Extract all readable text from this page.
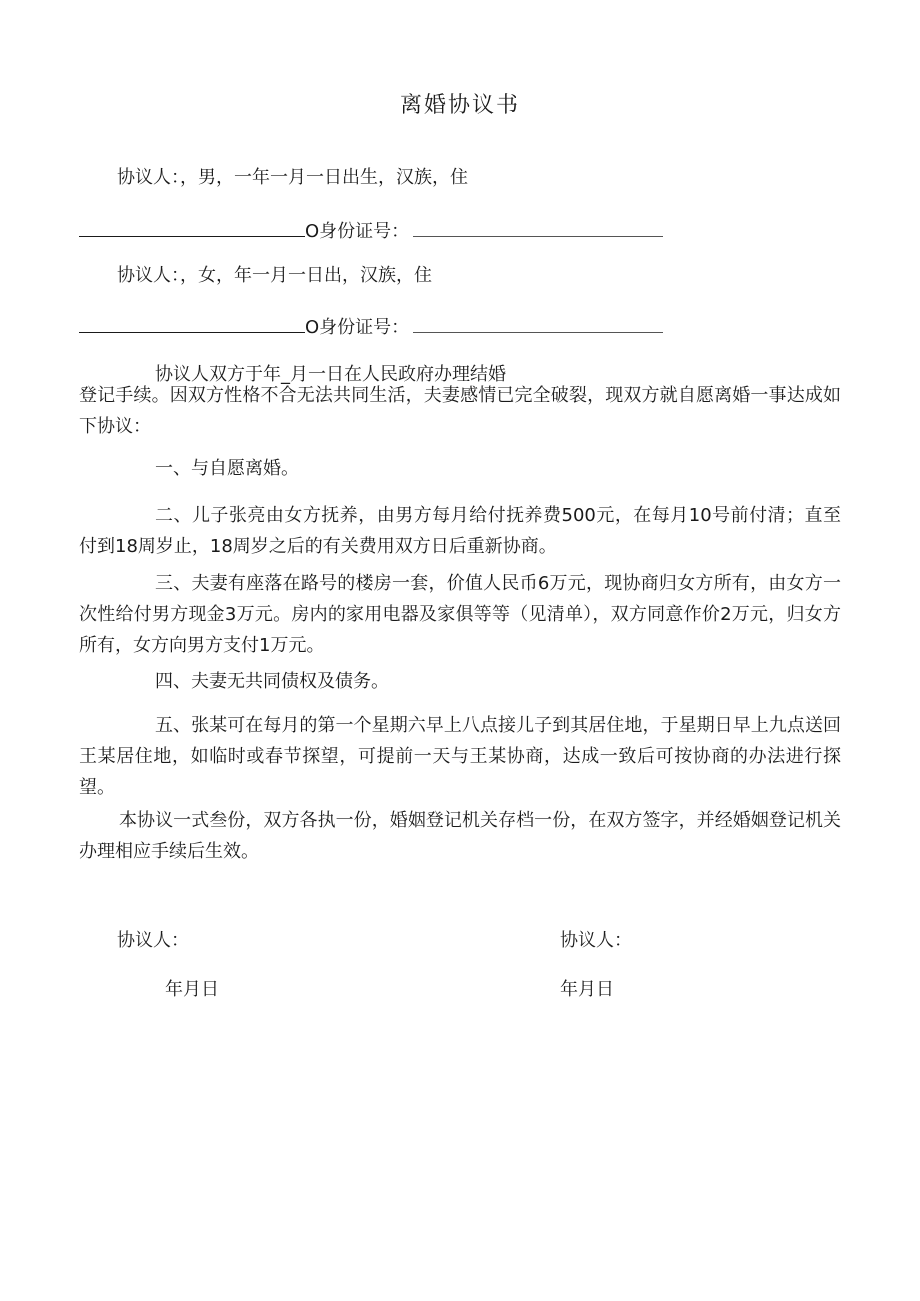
离婚协议书
协议人：，男，一年一月一日出生，汉族，住
O身份证号：
协议人：，女，年一月一日出，汉族，住
O身份证号：
协议人双方于年_月一日在人民政府办理结婚

登记手续。因双方性格不合无法共同生活，夫妻感情已完全破裂，现双方就自愿离婚一事达成如下协议：

一、与自愿离婚。

二、儿子张亮由女方抚养，由男方每月给付抚养费500元，在每月10号前付清；直至付到18周岁止，18周岁之后的有关费用双方日后重新协商。

三、夫妻有座落在路号的楼房一套，价值人民币6万元，现协商归女方所有，由女方一次性给付男方现金3万元。房内的家用电器及家俱等等（见清单），双方同意作价2万元，归女方所有，女方向男方支付1万元。

四、夫妻无共同债权及债务。

五、张某可在每月的第一个星期六早上八点接儿子到其居住地，于星期日早上九点送回王某居住地，如临时或春节探望，可提前一天与王某协商，达成一致后可按协商的办法进行探望。

本协议一式叁份，双方各执一份，婚姻登记机关存档一份，在双方签字，并经婚姻登记机关办理相应手续后生效。

协议人：	协议人：
年月日	年月日
